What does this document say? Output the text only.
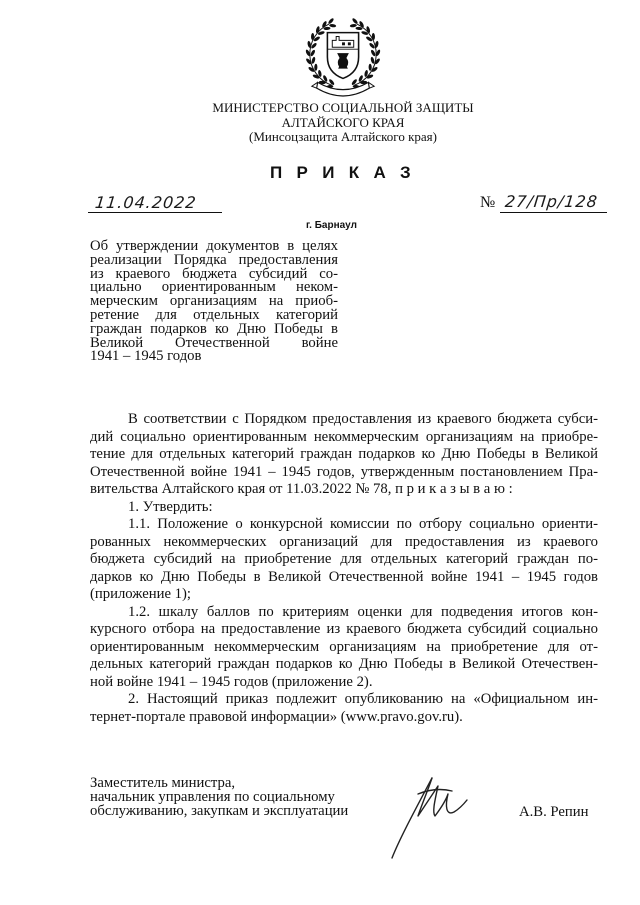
МИНИСТЕРСТВО СОЦИАЛЬНОЙ ЗАЩИТЫ
АЛТАЙСКОГО КРАЯ
(Минсоцзащита Алтайского края)
П Р И К А З
11.04.2022
г. Барнаул
№ 27/Пр/128
Об утверждении документов в целях
реализации Порядка предоставления
из краевого бюджета субсидий со-
циально ориентированным неком-
мерческим организациям на приоб-
ретение для отдельных категорий
граждан подарков ко Дню Победы в
Великой Отечественной войне
1941 – 1945 годов
В соответствии с Порядком предоставления из краевого бюджета субси-
дий социально ориентированным некоммерческим организациям на приобре-
тение для отдельных категорий граждан подарков ко Дню Победы в Великой
Отечественной войне 1941 – 1945 годов, утвержденным постановлением Пра-
вительства Алтайского края от 11.03.2022 № 78, п р и к а з ы в а ю :
1. Утвердить:
1.1. Положение о конкурсной комиссии по отбору социально ориенти-
рованных некоммерческих организаций для предоставления из краевого
бюджета субсидий на приобретение для отдельных категорий граждан по-
дарков ко Дню Победы в Великой Отечественной войне 1941 – 1945 годов
(приложение 1);
1.2. шкалу баллов по критериям оценки для подведения итогов кон-
курсного отбора на предоставление из краевого бюджета субсидий социально
ориентированным некоммерческим организациям на приобретение для от-
дельных категорий граждан подарков ко Дню Победы в Великой Отечествен-
ной войне 1941 – 1945 годов (приложение 2).
2. Настоящий приказ подлежит опубликованию на «Официальном ин-
тернет-портале правовой информации» (www.pravo.gov.ru).
Заместитель министра,
начальник управления по социальному
обслуживанию, закупкам и эксплуатации	А.В. Репин
